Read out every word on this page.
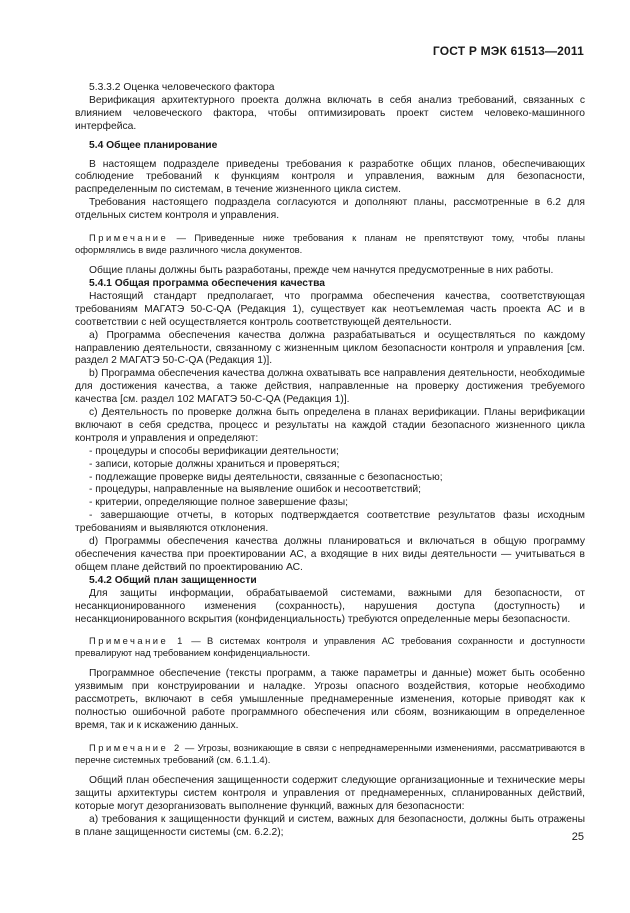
ГОСТ Р МЭК 61513—2011

5.3.3.2 Оценка человеческого фактора

Верификация архитектурного проекта должна включать в себя анализ требований, связанных с влиянием человеческого фактора, чтобы оптимизировать проект систем человеко-машинного интерфейса.

5.4 Общее планирование

В настоящем подразделе приведены требования к разработке общих планов, обеспечивающих соблюдение требований к функциям контроля и управления, важным для безопасности, распределенным по системам, в течение жизненного цикла систем.

Требования настоящего подраздела согласуются и дополняют планы, рассмотренные в 6.2 для отдельных систем контроля и управления.

Примечание — Приведенные ниже требования к планам не препятствуют тому, чтобы планы оформлялись в виде различного числа документов.

Общие планы должны быть разработаны, прежде чем начнутся предусмотренные в них работы.

5.4.1 Общая программа обеспечения качества

Настоящий стандарт предполагает, что программа обеспечения качества, соответствующая требованиям МАГАТЭ 50-С-QA (Редакция 1), существует как неотъемлемая часть проекта АС и в соответствии с ней осуществляется контроль соответствующей деятельности.

а) Программа обеспечения качества должна разрабатываться и осуществляться по каждому направлению деятельности, связанному с жизненным циклом безопасности контроля и управления [см. раздел 2 МАГАТЭ 50-С-QA (Редакция 1)].

b) Программа обеспечения качества должна охватывать все направления деятельности, необходимые для достижения качества, а также действия, направленные на проверку достижения требуемого качества [см. раздел 102 МАГАТЭ 50-С-QA (Редакция 1)].

с) Деятельность по проверке должна быть определена в планах верификации. Планы верификации включают в себя средства, процесс и результаты на каждой стадии безопасного жизненного цикла контроля и управления и определяют:

- процедуры и способы верификации деятельности;

- записи, которые должны храниться и проверяться;

- подлежащие проверке виды деятельности, связанные с безопасностью;

- процедуры, направленные на выявление ошибок и несоответствий;

- критерии, определяющие полное завершение фазы;

- завершающие отчеты, в которых подтверждается соответствие результатов фазы исходным требованиям и выявляются отклонения.

d) Программы обеспечения качества должны планироваться и включаться в общую программу обеспечения качества при проектировании АС, а входящие в них виды деятельности — учитываться в общем плане действий по проектированию АС.

5.4.2 Общий план защищенности

Для защиты информации, обрабатываемой системами, важными для безопасности, от несанкционированного изменения (сохранность), нарушения доступа (доступность) и несанкционированного вскрытия (конфиденциальность) требуются определенные меры безопасности.

Примечание 1 — В системах контроля и управления АС требования сохранности и доступности превалируют над требованием конфиденциальности.

Программное обеспечение (тексты программ, а также параметры и данные) может быть особенно уязвимым при конструировании и наладке. Угрозы опасного воздействия, которые необходимо рассмотреть, включают в себя умышленные преднамеренные изменения, которые приводят как к полностью ошибочной работе программного обеспечения или сбоям, возникающим в определенное время, так и к искажению данных.

Примечание 2 — Угрозы, возникающие в связи с непреднамеренными изменениями, рассматриваются в перечне системных требований (см. 6.1.1.4).

Общий план обеспечения защищенности содержит следующие организационные и технические меры защиты архитектуры систем контроля и управления от преднамеренных, спланированных действий, которые могут дезорганизовать выполнение функций, важных для безопасности:

а) требования к защищенности функций и систем, важных для безопасности, должны быть отражены в плане защищенности системы (см. 6.2.2);	25
